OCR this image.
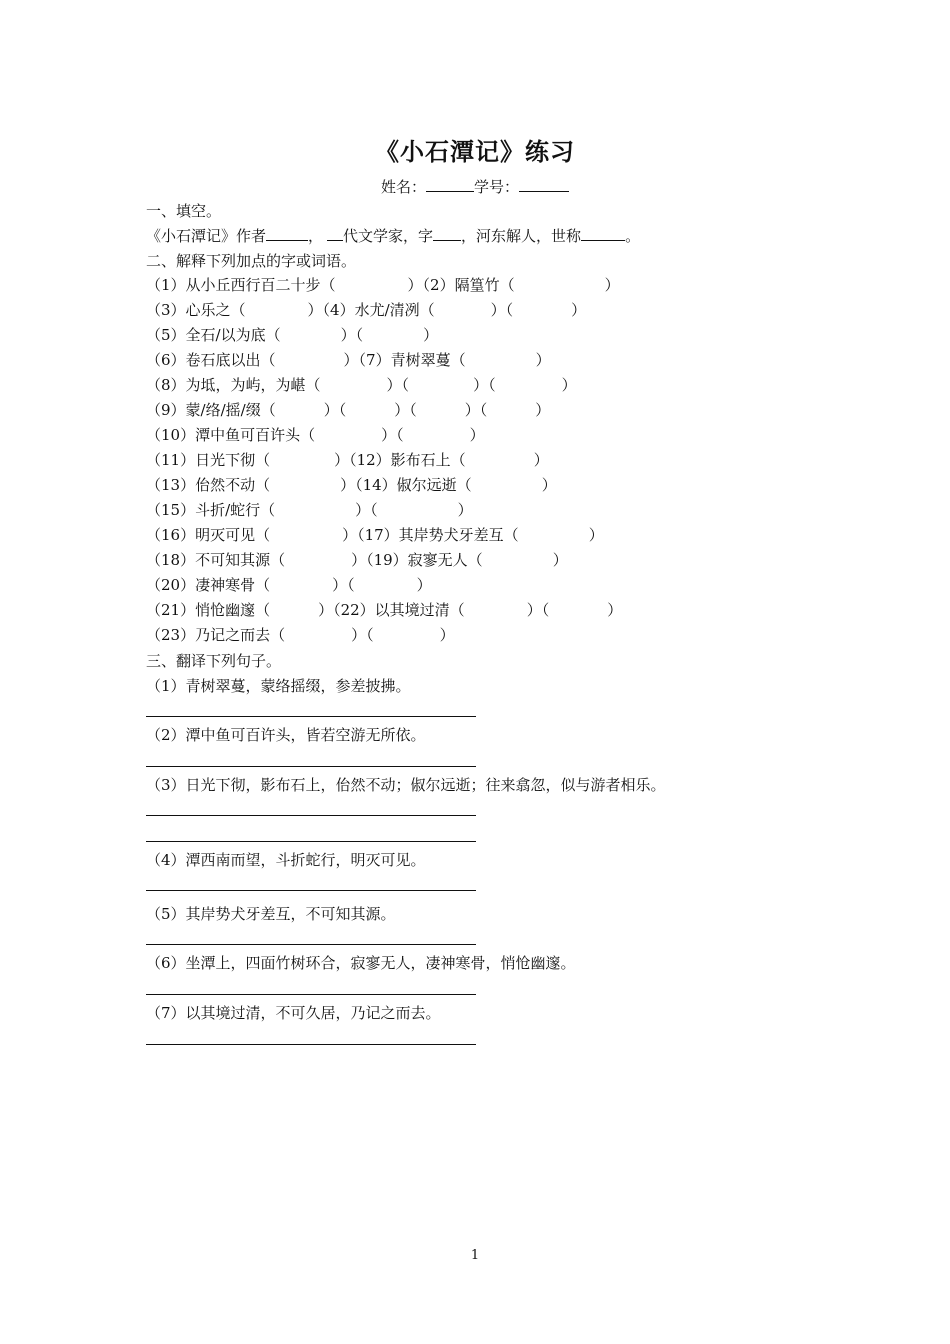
《小石潭记》练习
姓名：	学号：
一、填空。
《小石潭记》作者	， 代文学家，字 ，河东解人，世称	。
二、解释下列加点的字或词语。
（1）从小丘西行百二十步（	）（2）隔篁竹（	）
（3）心乐之（	）（4）水尤/清冽（	）（	）
（5）全石/以为底（	）（	）
（6）卷石底以出（	）（7）青树翠蔓（	）
（8）为坻，为屿，为嵁（	）（	）（	）
（9）蒙/络/摇/缀（	）（	）（	）（	）
（10）潭中鱼可百许头（	）（	）
（11）日光下彻（	）（12）影布石上（	）
（13）佁然不动（	）（14）俶尔远逝（	）
（15）斗折/蛇行（	）（	）
（16）明灭可见（	）（17）其岸势犬牙差互（	）
（18）不可知其源（	）（19）寂寥无人（	）
（20）凄神寒骨（	）（	）
（21）悄怆幽邃（	）（22）以其境过清（	）（	）
（23）乃记之而去（	）（	）
三、翻译下列句子。
（1）青树翠蔓，蒙络摇缀，参差披拂。
（2）潭中鱼可百许头，皆若空游无所依。
（3）日光下彻，影布石上，佁然不动；俶尔远逝；往来翕忽，似与游者相乐。
（4）潭西南而望，斗折蛇行，明灭可见。
（5）其岸势犬牙差互，不可知其源。
（6）坐潭上，四面竹树环合，寂寥无人，凄神寒骨，悄怆幽邃。
（7）以其境过清，不可久居，乃记之而去。
1
